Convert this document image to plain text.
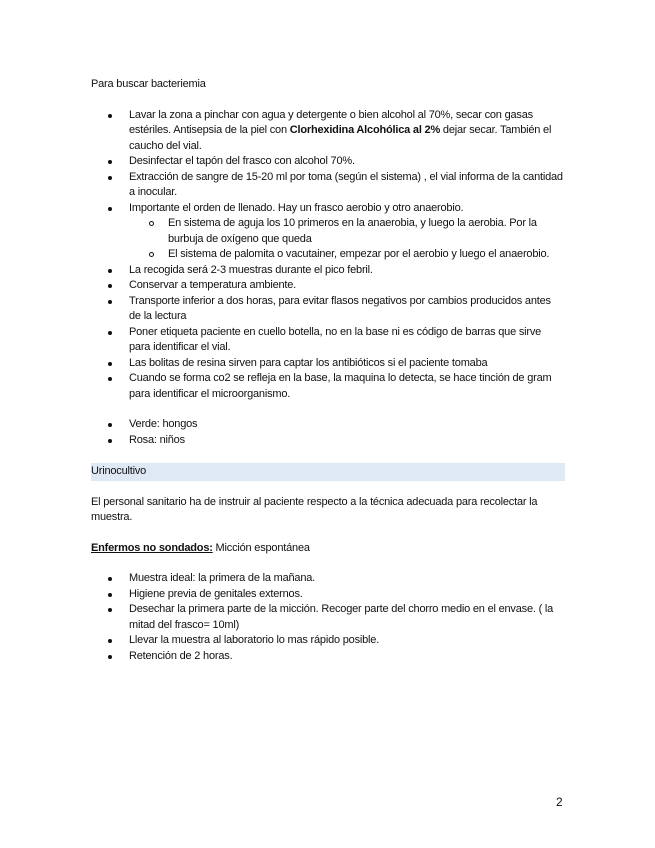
Para buscar bacteriemia

Lavar la zona a pinchar con agua y detergente o bien alcohol al 70%, secar con gasas estériles. Antisepsia de la piel con Clorhexidina Alcohólica al 2% dejar secar. También el caucho del vial.
Desinfectar el tapón del frasco con alcohol 70%.
Extracción de sangre de 15-20 ml por toma (según el sistema) , el vial informa de la cantidad a inocular.
Importante el orden de llenado. Hay un frasco aerobio y otro anaerobio.
En sistema de aguja los 10 primeros en la anaerobia, y luego la aerobia. Por la burbuja de oxígeno que queda
El sistema de palomita o vacutainer, empezar por el aerobio y luego el anaerobio.
La recogida será 2-3 muestras durante el pico febril.
Conservar a temperatura ambiente.
Transporte inferior a dos horas, para evitar flasos negativos por cambios producidos antes de la lectura
Poner etiqueta paciente en cuello botella, no en la base ni es código de barras que sirve para identificar el vial.
Las bolitas de resina sirven para captar los antibióticos si el paciente tomaba
Cuando se forma co2 se refleja en la base, la maquina lo detecta, se hace tinción de gram para identificar el microorganismo.
Verde: hongos
Rosa: niños

Urinocultivo

El personal sanitario ha de instruir al paciente respecto a la técnica adecuada para recolectar la muestra.

Enfermos no sondados: Micción espontánea

Muestra ideal: la primera de la mañana.
Higiene previa de genitales externos.
Desechar la primera parte de la micción. Recoger parte del chorro medio en el envase. ( la mitad del frasco= 10ml)
Llevar la muestra al laboratorio lo mas rápido posible.
Retención de 2 horas.
2
